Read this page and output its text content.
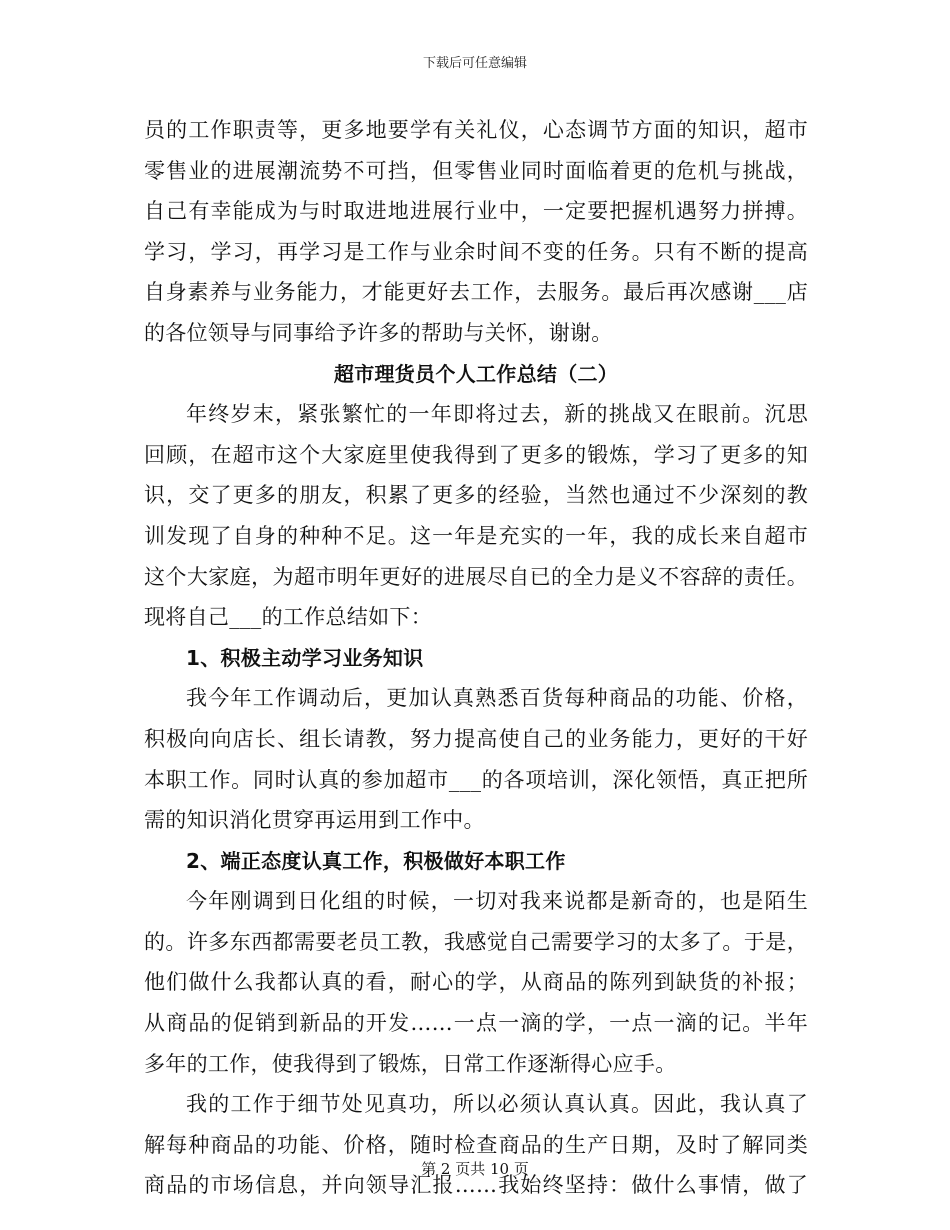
下载后可任意编辑
员的工作职责等，更多地要学有关礼仪，心态调节方面的知识，超市
零售业的进展潮流势不可挡，但零售业同时面临着更的危机与挑战，
自己有幸能成为与时取进地进展行业中，一定要把握机遇努力拼搏。
学习，学习，再学习是工作与业余时间不变的任务。只有不断的提高
自身素养与业务能力，才能更好去工作，去服务。最后再次感谢___店
的各位领导与同事给予许多的帮助与关怀，谢谢。
超市理货员个人工作总结（二）
年终岁末，紧张繁忙的一年即将过去，新的挑战又在眼前。沉思
回顾，在超市这个大家庭里使我得到了更多的锻炼，学习了更多的知
识，交了更多的朋友，积累了更多的经验，当然也通过不少深刻的教
训发现了自身的种种不足。这一年是充实的一年，我的成长来自超市
这个大家庭，为超市明年更好的进展尽自已的全力是义不容辞的责任。
现将自己___的工作总结如下：
1、积极主动学习业务知识
我今年工作调动后，更加认真熟悉百货每种商品的功能、价格，
积极向向店长、组长请教，努力提高使自己的业务能力，更好的干好
本职工作。同时认真的参加超市___的各项培训，深化领悟，真正把所
需的知识消化贯穿再运用到工作中。
2、端正态度认真工作，积极做好本职工作
今年刚调到日化组的时候，一切对我来说都是新奇的，也是陌生
的。许多东西都需要老员工教，我感觉自己需要学习的太多了。于是，
他们做什么我都认真的看，耐心的学，从商品的陈列到缺货的补报；
从商品的促销到新品的开发……一点一滴的学，一点一滴的记。半年
多年的工作，使我得到了锻炼，日常工作逐渐得心应手。
我的工作于细节处见真功，所以必须认真认真。因此，我认真了
解每种商品的功能、价格，随时检查商品的生产日期，及时了解同类
商品的市场信息，并向领导汇报……我始终坚持：做什么事情，做了
第 2 页共 10 页
